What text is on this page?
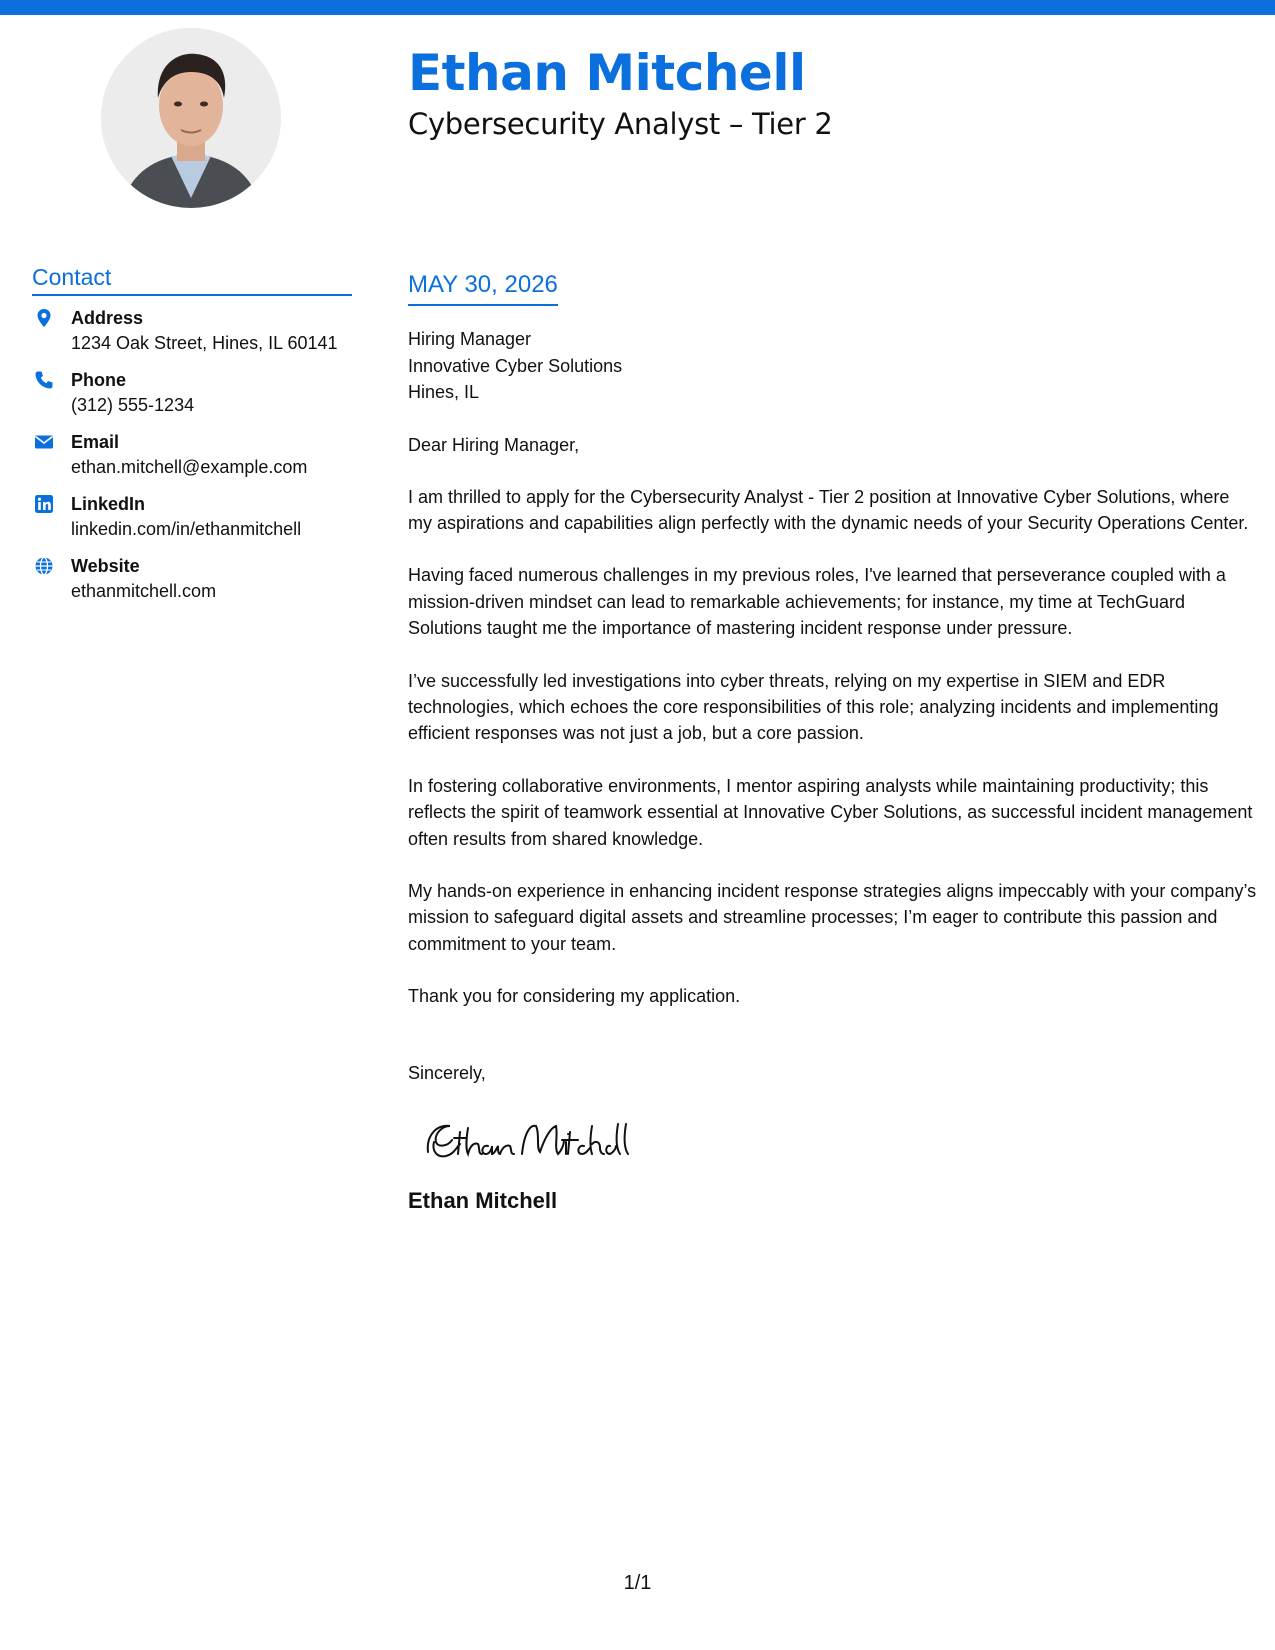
Ethan Mitchell
Cybersecurity Analyst – Tier 2
Contact
Address
1234 Oak Street, Hines, IL 60141
Phone
(312) 555-1234
Email
ethan.mitchell@example.com
LinkedIn
linkedin.com/in/ethanmitchell
Website
ethanmitchell.com
MAY 30, 2026
Hiring Manager
Innovative Cyber Solutions
Hines, IL
Dear Hiring Manager,
I am thrilled to apply for the Cybersecurity Analyst - Tier 2 position at Innovative Cyber Solutions, where my aspirations and capabilities align perfectly with the dynamic needs of your Security Operations Center.
Having faced numerous challenges in my previous roles, I've learned that perseverance coupled with a mission-driven mindset can lead to remarkable achievements; for instance, my time at TechGuard Solutions taught me the importance of mastering incident response under pressure.
I’ve successfully led investigations into cyber threats, relying on my expertise in SIEM and EDR technologies, which echoes the core responsibilities of this role; analyzing incidents and implementing efficient responses was not just a job, but a core passion.
In fostering collaborative environments, I mentor aspiring analysts while maintaining productivity; this reflects the spirit of teamwork essential at Innovative Cyber Solutions, as successful incident management often results from shared knowledge.
My hands-on experience in enhancing incident response strategies aligns impeccably with your company’s mission to safeguard digital assets and streamline processes; I’m eager to contribute this passion and commitment to your team.
Thank you for considering my application.
Sincerely,
Ethan Mitchell
1/1
